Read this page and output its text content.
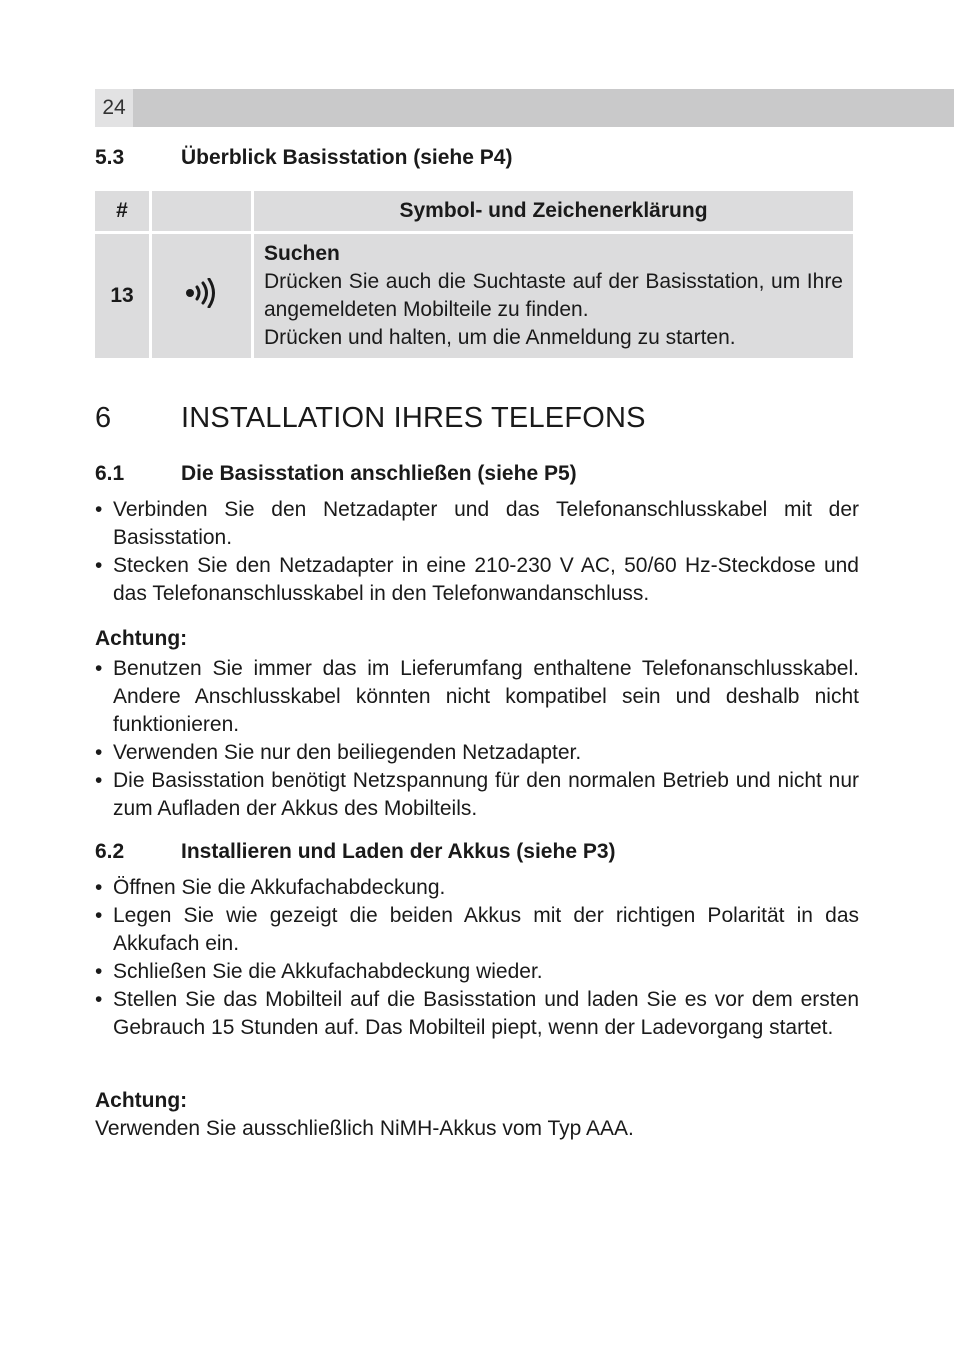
24
5.3	Überblick Basisstation (siehe P4)
#		Symbol- und Zeichenerklärung
13		Suchen
Drücken Sie auch die Suchtaste auf der Basisstation, um Ihre angemeldeten Mobilteile zu finden.
Drücken und halten, um die Anmeldung zu starten.
6 INSTALLATION IHRES TELEFONS
6.1	Die Basisstation anschließen (siehe P5)
• Verbinden Sie den Netzadapter und das Telefonanschlusskabel mit der Basisstation.
• Stecken Sie den Netzadapter in eine 210-230 V AC, 50/60 Hz-Steckdose und das Telefonanschlusskabel in den Telefonwandanschluss.
Achtung:
• Benutzen Sie immer das im Lieferumfang enthaltene Telefonanschlusskabel. Andere Anschlusskabel könnten nicht kompatibel sein und deshalb nicht funktionieren.
• Verwenden Sie nur den beiliegenden Netzadapter.
• Die Basisstation benötigt Netzspannung für den normalen Betrieb und nicht nur zum Aufladen der Akkus des Mobilteils.
6.2	Installieren und Laden der Akkus (siehe P3)
• Öffnen Sie die Akkufachabdeckung.
• Legen Sie wie gezeigt die beiden Akkus mit der richtigen Polarität in das Akkufach ein.
• Schließen Sie die Akkufachabdeckung wieder.
• Stellen Sie das Mobilteil auf die Basisstation und laden Sie es vor dem ersten Gebrauch 15 Stunden auf. Das Mobilteil piept, wenn der Ladevorgang startet.
Achtung:
Verwenden Sie ausschließlich NiMH-Akkus vom Typ AAA.
